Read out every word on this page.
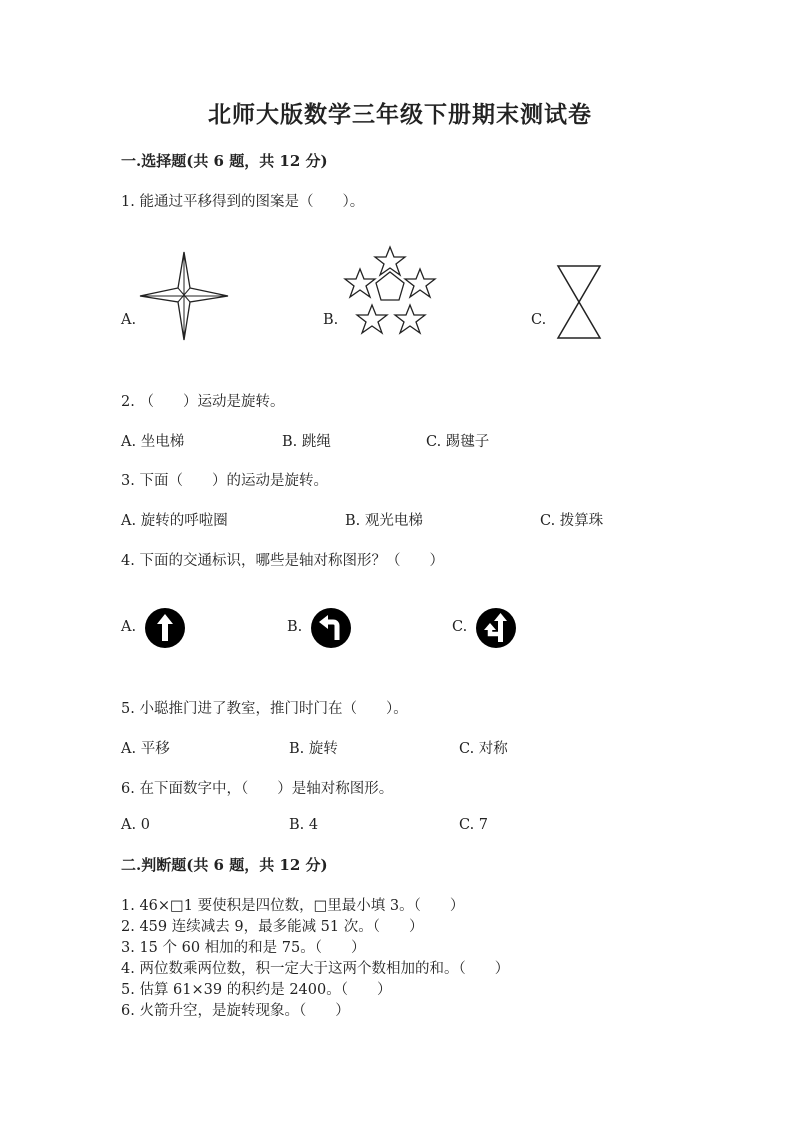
北师大版数学三年级下册期末测试卷
一.选择题(共 6 题，共 12 分)
1. 能通过平移得到的图案是（　　）。
A.	B.	C.
2. （　　）运动是旋转。
A. 坐电梯	B. 跳绳	C. 踢毽子
3. 下面（　　）的运动是旋转。
A. 旋转的呼啦圈	B. 观光电梯	C. 拨算珠
4. 下面的交通标识，哪些是轴对称图形？（　　）
A.	B.	C.
5. 小聪推门进了教室，推门时门在（　　）。
A. 平移	B. 旋转	C. 对称
6. 在下面数字中，（　　）是轴对称图形。
A. 0	B. 4	C. 7
二.判断题(共 6 题，共 12 分)
1. 46×□1 要使积是四位数，□里最小填 3。（　　）
2. 459 连续减去 9，最多能减 51 次。（　　）
3. 15 个 60 相加的和是 75。（　　）
4. 两位数乘两位数，积一定大于这两个数相加的和。（　　）
5. 估算 61×39 的积约是 2400。（　　）
6. 火箭升空，是旋转现象。（　　）
